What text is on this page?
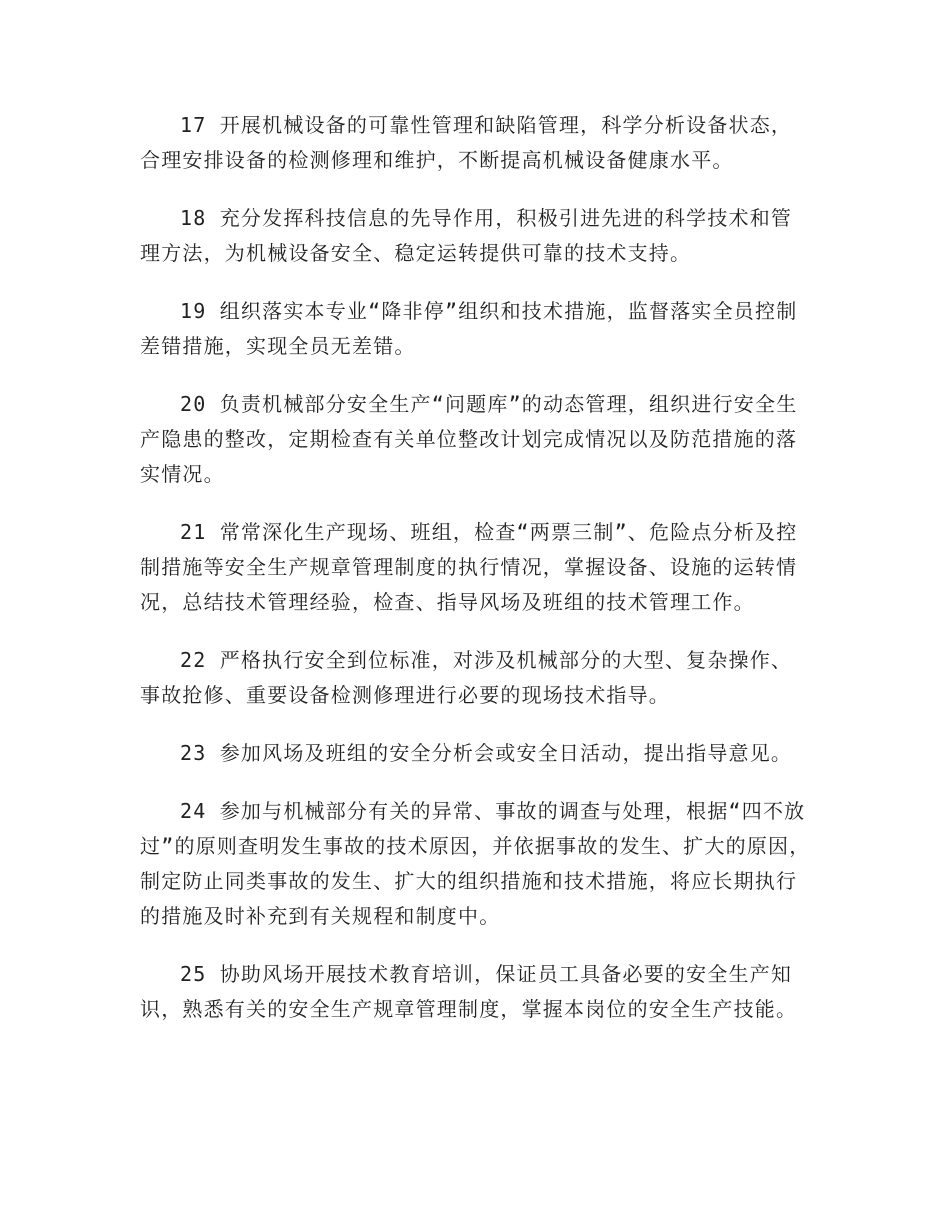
17 开展机械设备的可靠性管理和缺陷管理，科学分析设备状态，合理安排设备的检测修理和维护，不断提高机械设备健康水平。

18 充分发挥科技信息的先导作用，积极引进先进的科学技术和管理方法，为机械设备安全、稳定运转提供可靠的技术支持。

19 组织落实本专业“降非停”组织和技术措施，监督落实全员控制差错措施，实现全员无差错。

20 负责机械部分安全生产“问题库”的动态管理，组织进行安全生产隐患的整改，定期检查有关单位整改计划完成情况以及防范措施的落实情况。

21 常常深化生产现场、班组，检查“两票三制”、危险点分析及控制措施等安全生产规章管理制度的执行情况，掌握设备、设施的运转情况，总结技术管理经验，检查、指导风场及班组的技术管理工作。

22 严格执行安全到位标准，对涉及机械部分的大型、复杂操作、事故抢修、重要设备检测修理进行必要的现场技术指导。

23 参加风场及班组的安全分析会或安全日活动，提出指导意见。

24 参加与机械部分有关的异常、事故的调查与处理，根据“四不放过”的原则查明发生事故的技术原因，并依据事故的发生、扩大的原因，制定防止同类事故的发生、扩大的组织措施和技术措施，将应长期执行的措施及时补充到有关规程和制度中。

25 协助风场开展技术教育培训，保证员工具备必要的安全生产知识，熟悉有关的安全生产规章管理制度，掌握本岗位的安全生产技能。
